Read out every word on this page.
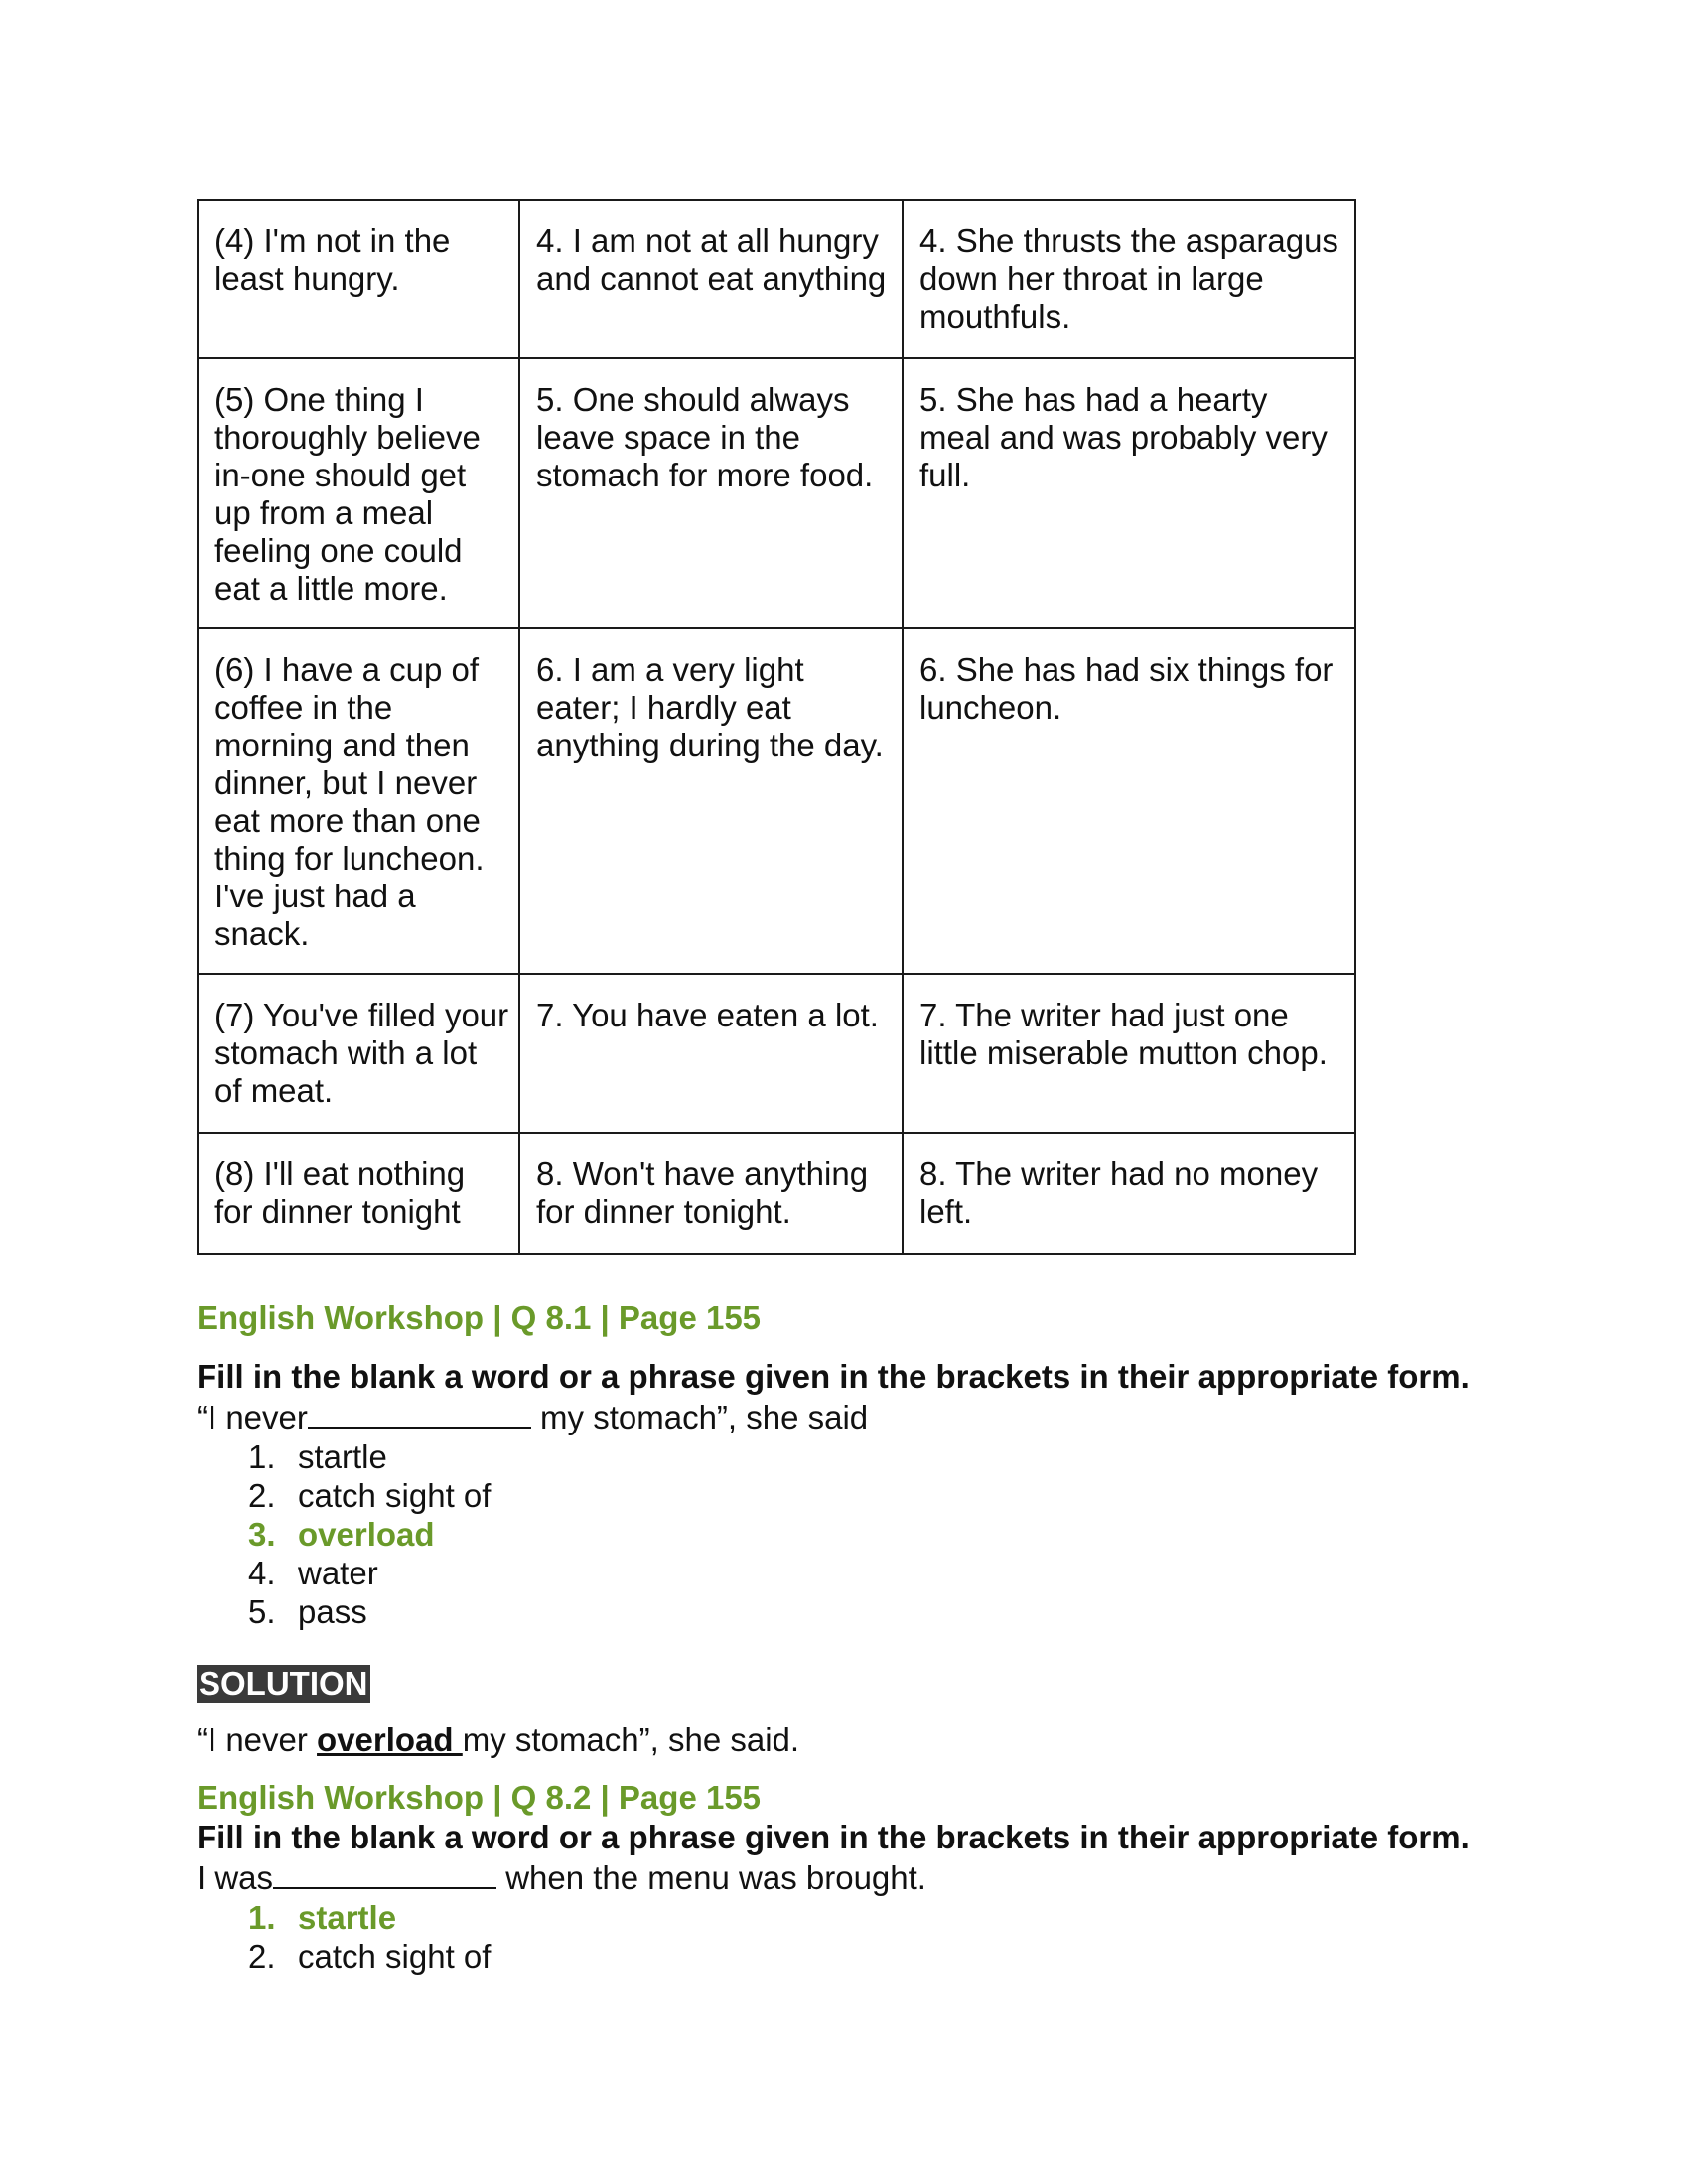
(4) I'm not in the least hungry.	4. I am not at all hungry and cannot eat anything	4. She thrusts the asparagus down her throat in large mouthfuls.
(5) One thing I thoroughly believe in-one should get up from a meal feeling one could eat a little more.	5. One should always leave space in the stomach for more food.	5. She has had a hearty meal and was probably very full.
(6) I have a cup of coffee in the morning and then dinner, but I never eat more than one thing for luncheon. I've just had a snack.	6. I am a very light eater; I hardly eat anything during the day.	6. She has had six things for luncheon.
(7) You've filled your stomach with a lot of meat.	7. You have eaten a lot.	7. The writer had just one little miserable mutton chop.
(8) I'll eat nothing for dinner tonight	8. Won't have anything for dinner tonight.	8. The writer had no money left.
English Workshop | Q 8.1 | Page 155
Fill in the blank a word or a phrase given in the brackets in their appropriate form.
“I never	my stomach”, she said
1. startle
2. catch sight of
3. overload
4. water
5. pass
SOLUTION
“I never overload my stomach”, she said.
English Workshop | Q 8.2 | Page 155
Fill in the blank a word or a phrase given in the brackets in their appropriate form.
I was	when the menu was brought.
1. startle
2. catch sight of
